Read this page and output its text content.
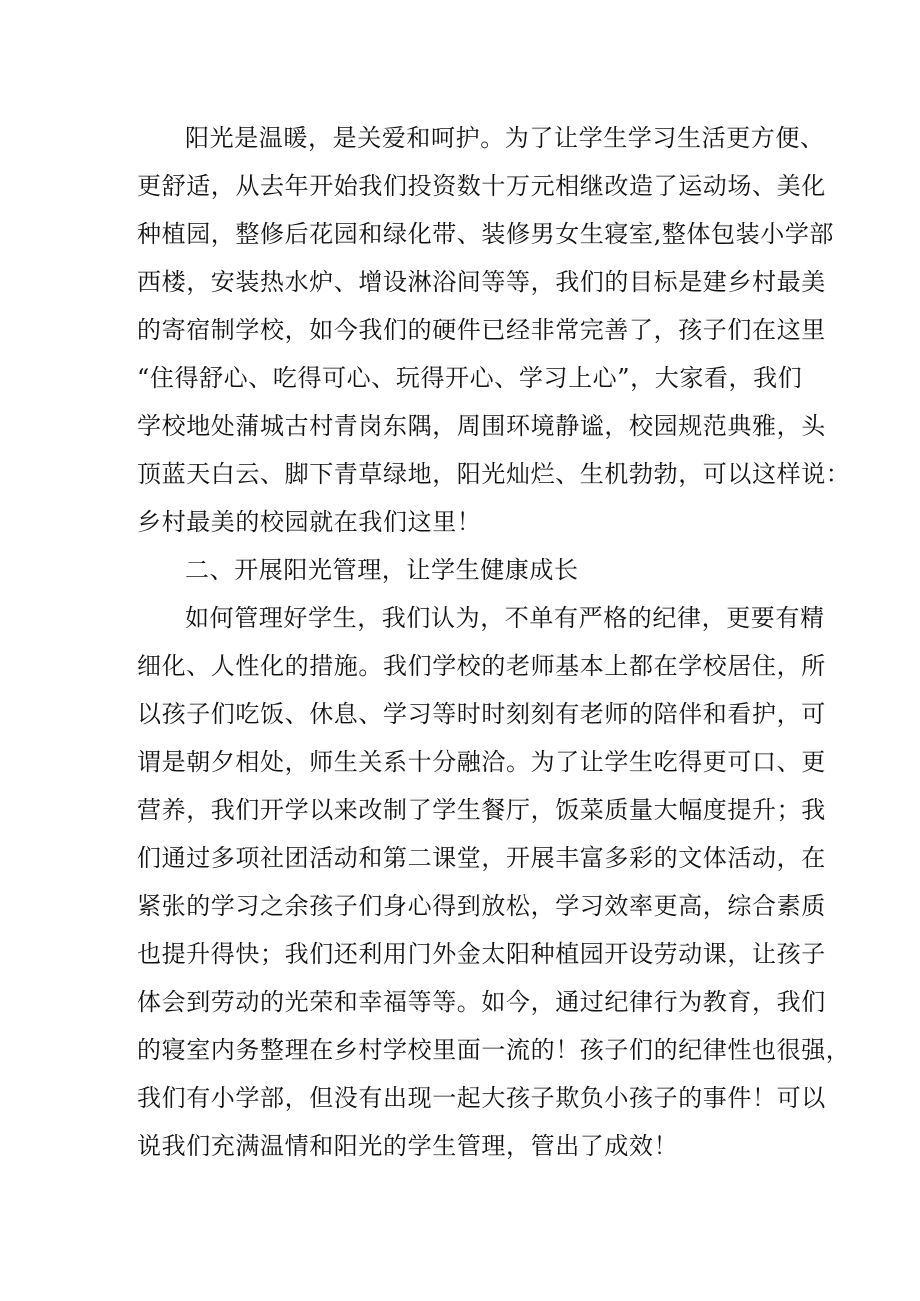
阳光是温暖，是关爱和呵护。为了让学生学习生活更方便、
更舒适，从去年开始我们投资数十万元相继改造了运动场、美化
种植园，整修后花园和绿化带、装修男女生寝室,整体包装小学部
西楼，安装热水炉、增设淋浴间等等，我们的目标是建乡村最美
的寄宿制学校，如今我们的硬件已经非常完善了，孩子们在这里
“住得舒心、吃得可心、玩得开心、学习上心”，大家看，我们
学校地处蒲城古村青岗东隅，周围环境静谧，校园规范典雅，头
顶蓝天白云、脚下青草绿地，阳光灿烂、生机勃勃，可以这样说：
乡村最美的校园就在我们这里！
二、开展阳光管理，让学生健康成长
如何管理好学生，我们认为，不单有严格的纪律，更要有精
细化、人性化的措施。我们学校的老师基本上都在学校居住，所
以孩子们吃饭、休息、学习等时时刻刻有老师的陪伴和看护，可
谓是朝夕相处，师生关系十分融洽。为了让学生吃得更可口、更
营养，我们开学以来改制了学生餐厅，饭菜质量大幅度提升；我
们通过多项社团活动和第二课堂，开展丰富多彩的文体活动，在
紧张的学习之余孩子们身心得到放松，学习效率更高，综合素质
也提升得快；我们还利用门外金太阳种植园开设劳动课，让孩子
体会到劳动的光荣和幸福等等。如今，通过纪律行为教育，我们
的寝室内务整理在乡村学校里面一流的！孩子们的纪律性也很强，
我们有小学部，但没有出现一起大孩子欺负小孩子的事件！可以
说我们充满温情和阳光的学生管理，管出了成效！
